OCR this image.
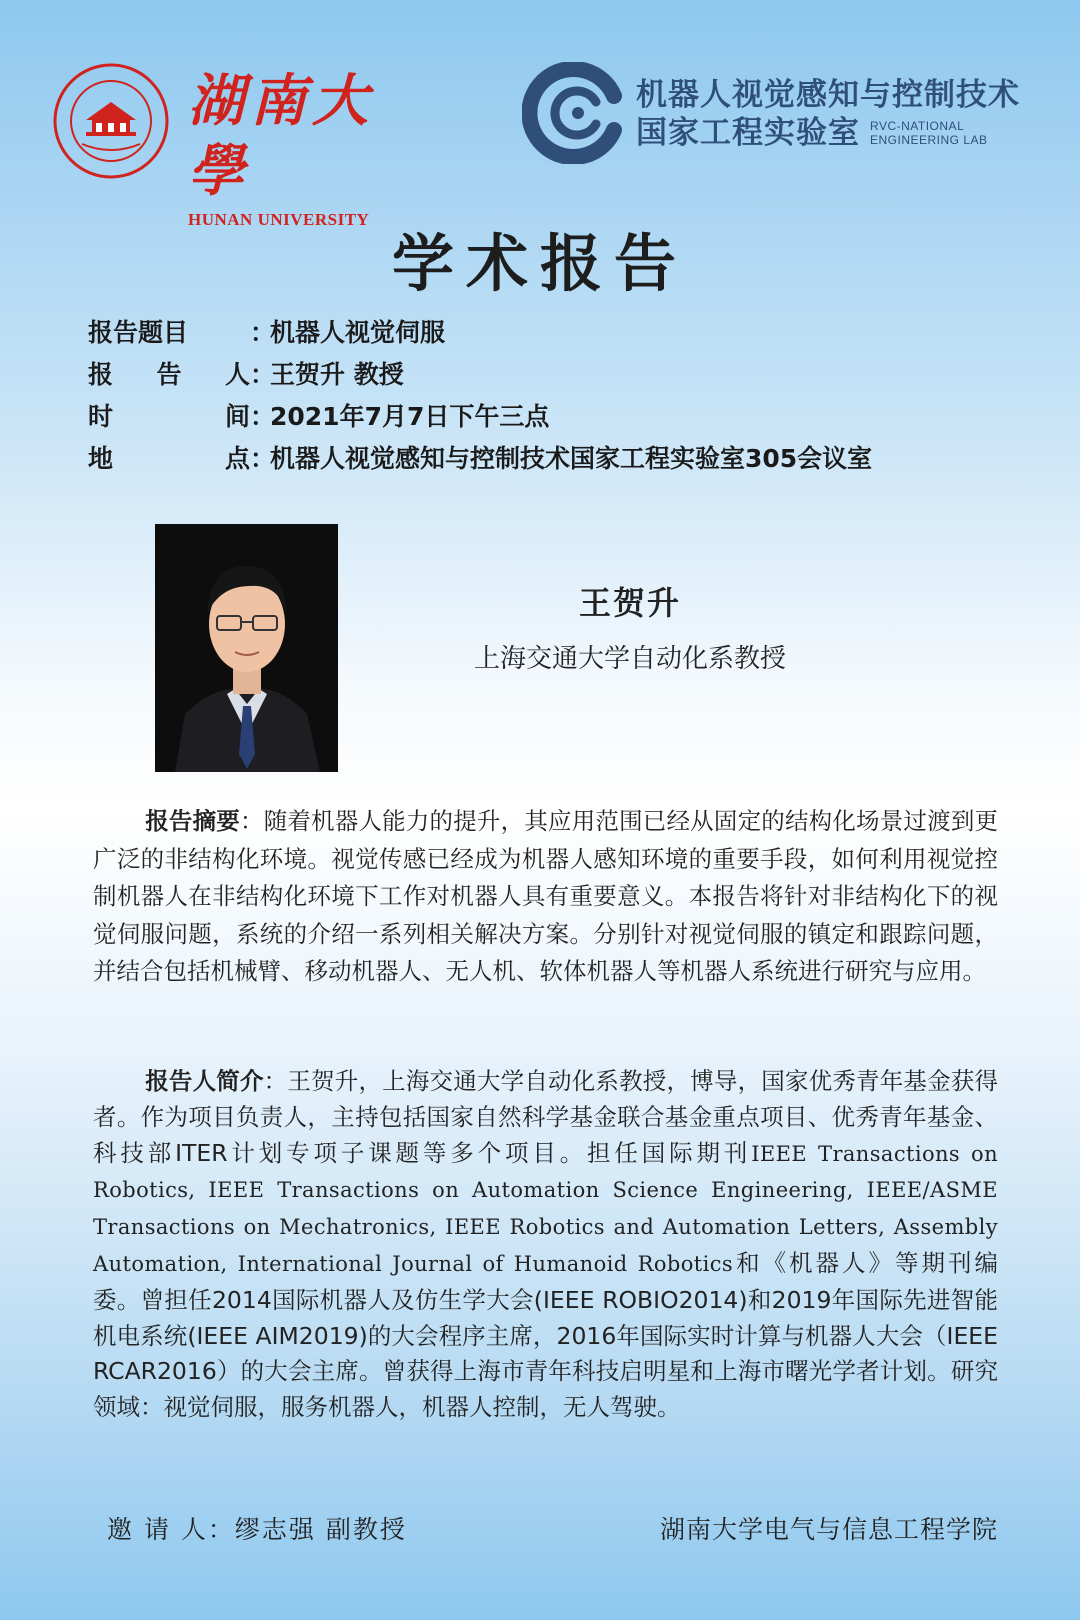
湖南大學
HUNAN UNIVERSITY
机器人视觉感知与控制技术
国家工程实验室 RVC-NATIONAL
ENGINEERING LAB
学术报告
报告题目 ：
机器人视觉伺服
报 告 人 ：
王贺升 教授
时	间 ：
2021年7月7日下午三点
地	点 ：
机器人视觉感知与控制技术国家工程实验室305会议室
王贺升
上海交通大学自动化系教授
报告摘要：随着机器人能力的提升，其应用范围已经从固定的结构化场景过渡到更广泛的非结构化环境。视觉传感已经成为机器人感知环境的重要手段，如何利用视觉控制机器人在非结构化环境下工作对机器人具有重要意义。本报告将针对非结构化下的视觉伺服问题，系统的介绍一系列相关解决方案。分别针对视觉伺服的镇定和跟踪问题，并结合包括机械臂、移动机器人、无人机、软体机器人等机器人系统进行研究与应用。
报告人简介：王贺升，上海交通大学自动化系教授，博导，国家优秀青年基金获得者。作为项目负责人，主持包括国家自然科学基金联合基金重点项目、优秀青年基金、科技部ITER计划专项子课题等多个项目。担任国际期刊IEEE Transactions on Robotics, IEEE Transactions on Automation Science Engineering, IEEE/ASME Transactions on Mechatronics, IEEE Robotics and Automation Letters, Assembly Automation, International Journal of Humanoid Robotics和《机器人》等期刊编委。曾担任2014国际机器人及仿生学大会(IEEE ROBIO2014)和2019年国际先进智能机电系统(IEEE AIM2019)的大会程序主席，2016年国际实时计算与机器人大会（IEEE RCAR2016）的大会主席。曾获得上海市青年科技启明星和上海市曙光学者计划。研究领域：视觉伺服，服务机器人，机器人控制，无人驾驶。
邀 请 人：缪志强 副教授	湖南大学电气与信息工程学院
